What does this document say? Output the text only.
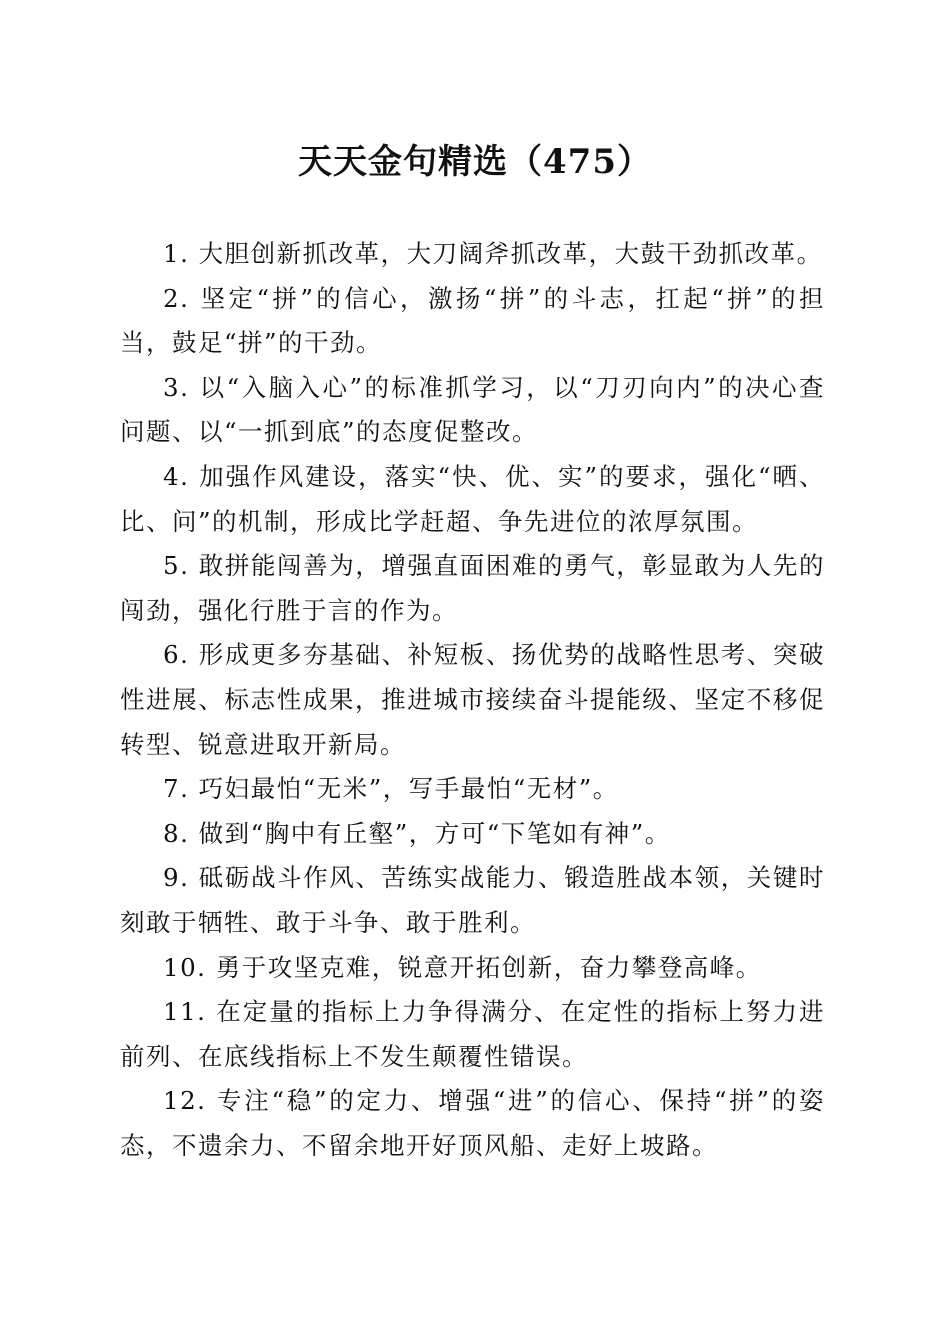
天天金句精选（475）

1. 大胆创新抓改革，大刀阔斧抓改革，大鼓干劲抓改革。

2. 坚定“拼”的信心，激扬“拼”的斗志，扛起“拼”的担当，鼓足“拼”的干劲。

3. 以“入脑入心”的标准抓学习，以“刀刃向内”的决心查问题、以“一抓到底”的态度促整改。

4. 加强作风建设，落实“快、优、实”的要求，强化“晒、比、问”的机制，形成比学赶超、争先进位的浓厚氛围。

5. 敢拼能闯善为，增强直面困难的勇气，彰显敢为人先的闯劲，强化行胜于言的作为。

6. 形成更多夯基础、补短板、扬优势的战略性思考、突破性进展、标志性成果，推进城市接续奋斗提能级、坚定不移促转型、锐意进取开新局。

7. 巧妇最怕“无米”，写手最怕“无材”。

8. 做到“胸中有丘壑”，方可“下笔如有神”。

9. 砥砺战斗作风、苦练实战能力、锻造胜战本领，关键时刻敢于牺牲、敢于斗争、敢于胜利。

10. 勇于攻坚克难，锐意开拓创新，奋力攀登高峰。

11. 在定量的指标上力争得满分、在定性的指标上努力进前列、在底线指标上不发生颠覆性错误。

12. 专注“稳”的定力、增强“进”的信心、保持“拼”的姿态，不遗余力、不留余地开好顶风船、走好上坡路。
